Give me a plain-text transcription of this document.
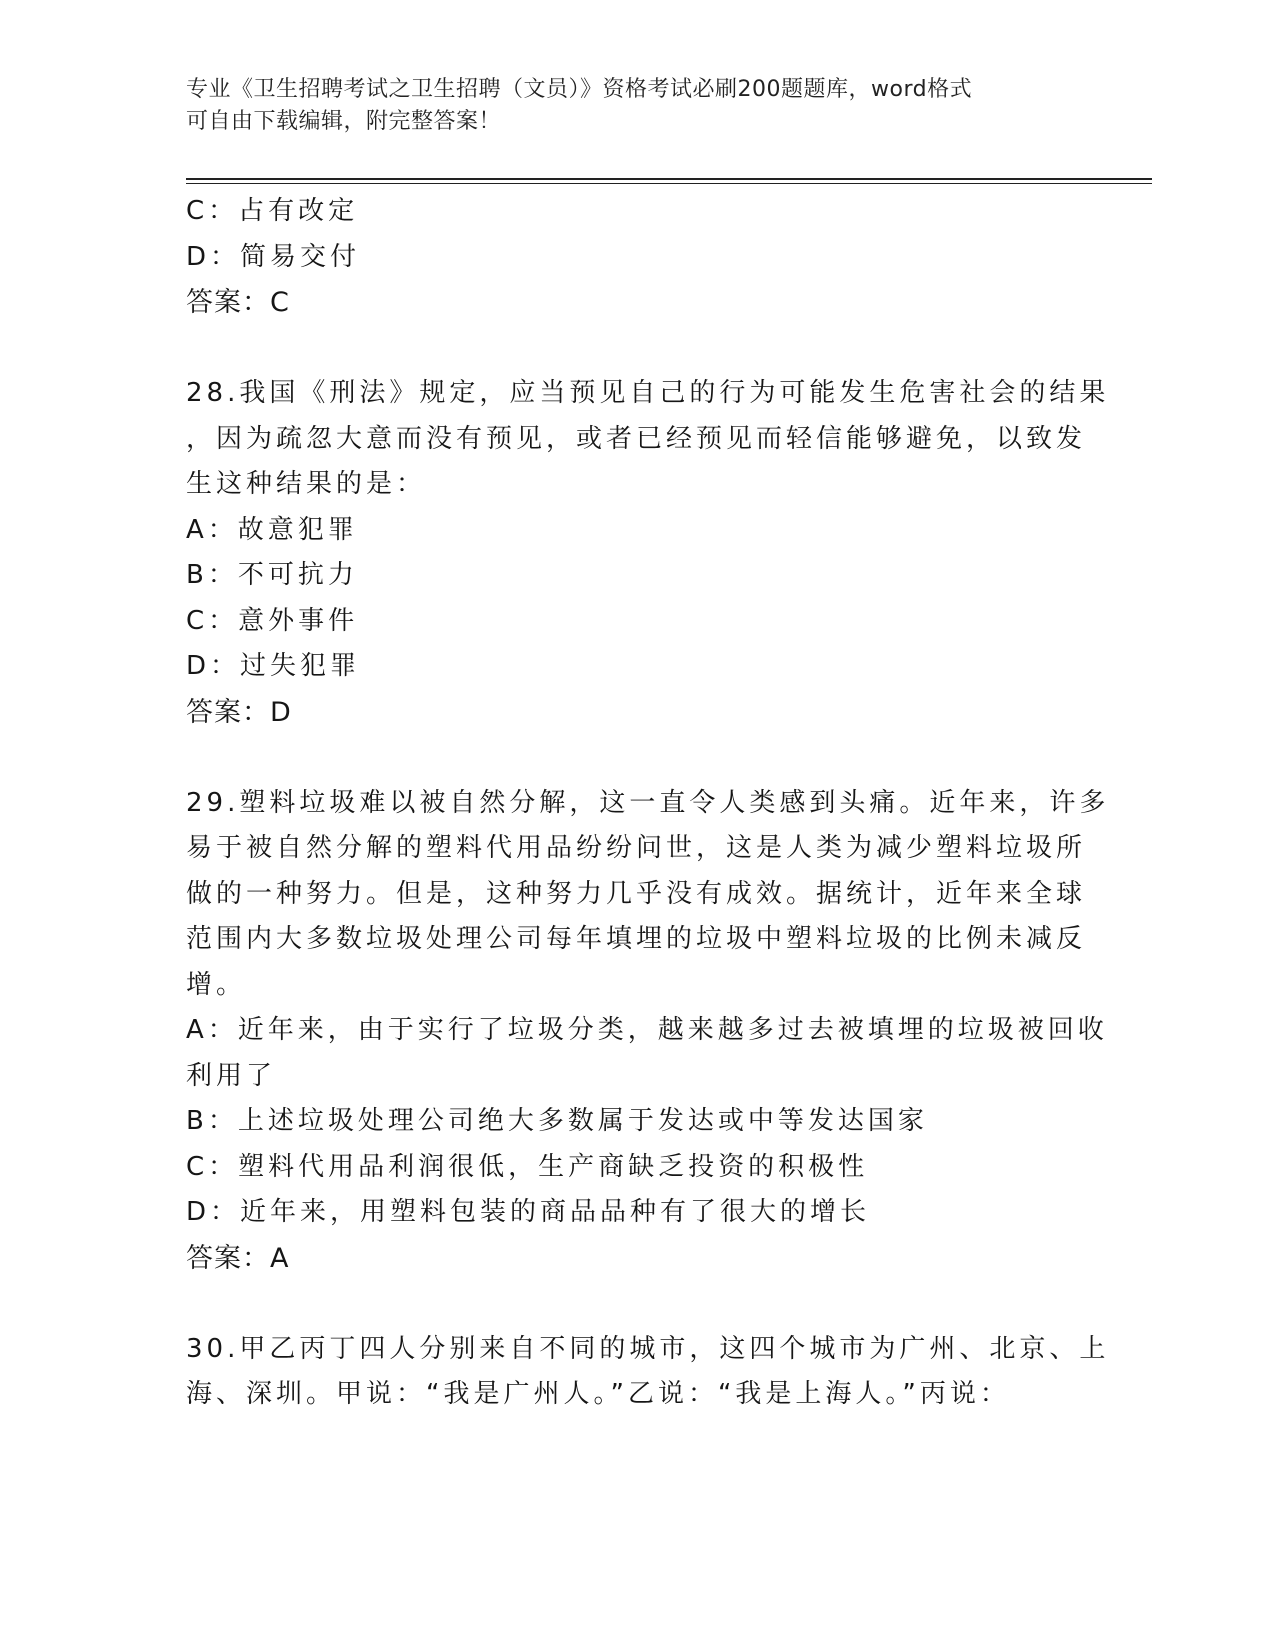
专业《卫生招聘考试之卫生招聘（文员）》资格考试必刷200题题库，word格式
可自由下载编辑，附完整答案！
C：占有改定
D：简易交付
答案：C
28.我国《刑法》规定，应当预见自己的行为可能发生危害社会的结果
，因为疏忽大意而没有预见，或者已经预见而轻信能够避免，以致发
生这种结果的是：
A：故意犯罪
B：不可抗力
C：意外事件
D：过失犯罪
答案：D
29.塑料垃圾难以被自然分解，这一直令人类感到头痛。近年来，许多
易于被自然分解的塑料代用品纷纷问世，这是人类为减少塑料垃圾所
做的一种努力。但是，这种努力几乎没有成效。据统计，近年来全球
范围内大多数垃圾处理公司每年填埋的垃圾中塑料垃圾的比例未减反
增。
A：近年来，由于实行了垃圾分类，越来越多过去被填埋的垃圾被回收
利用了
B：上述垃圾处理公司绝大多数属于发达或中等发达国家
C：塑料代用品利润很低，生产商缺乏投资的积极性
D：近年来，用塑料包装的商品品种有了很大的增长
答案：A
30.甲乙丙丁四人分别来自不同的城市，这四个城市为广州、北京、上
海、深圳。甲说：“我是广州人。”乙说：“我是上海人。”丙说：
